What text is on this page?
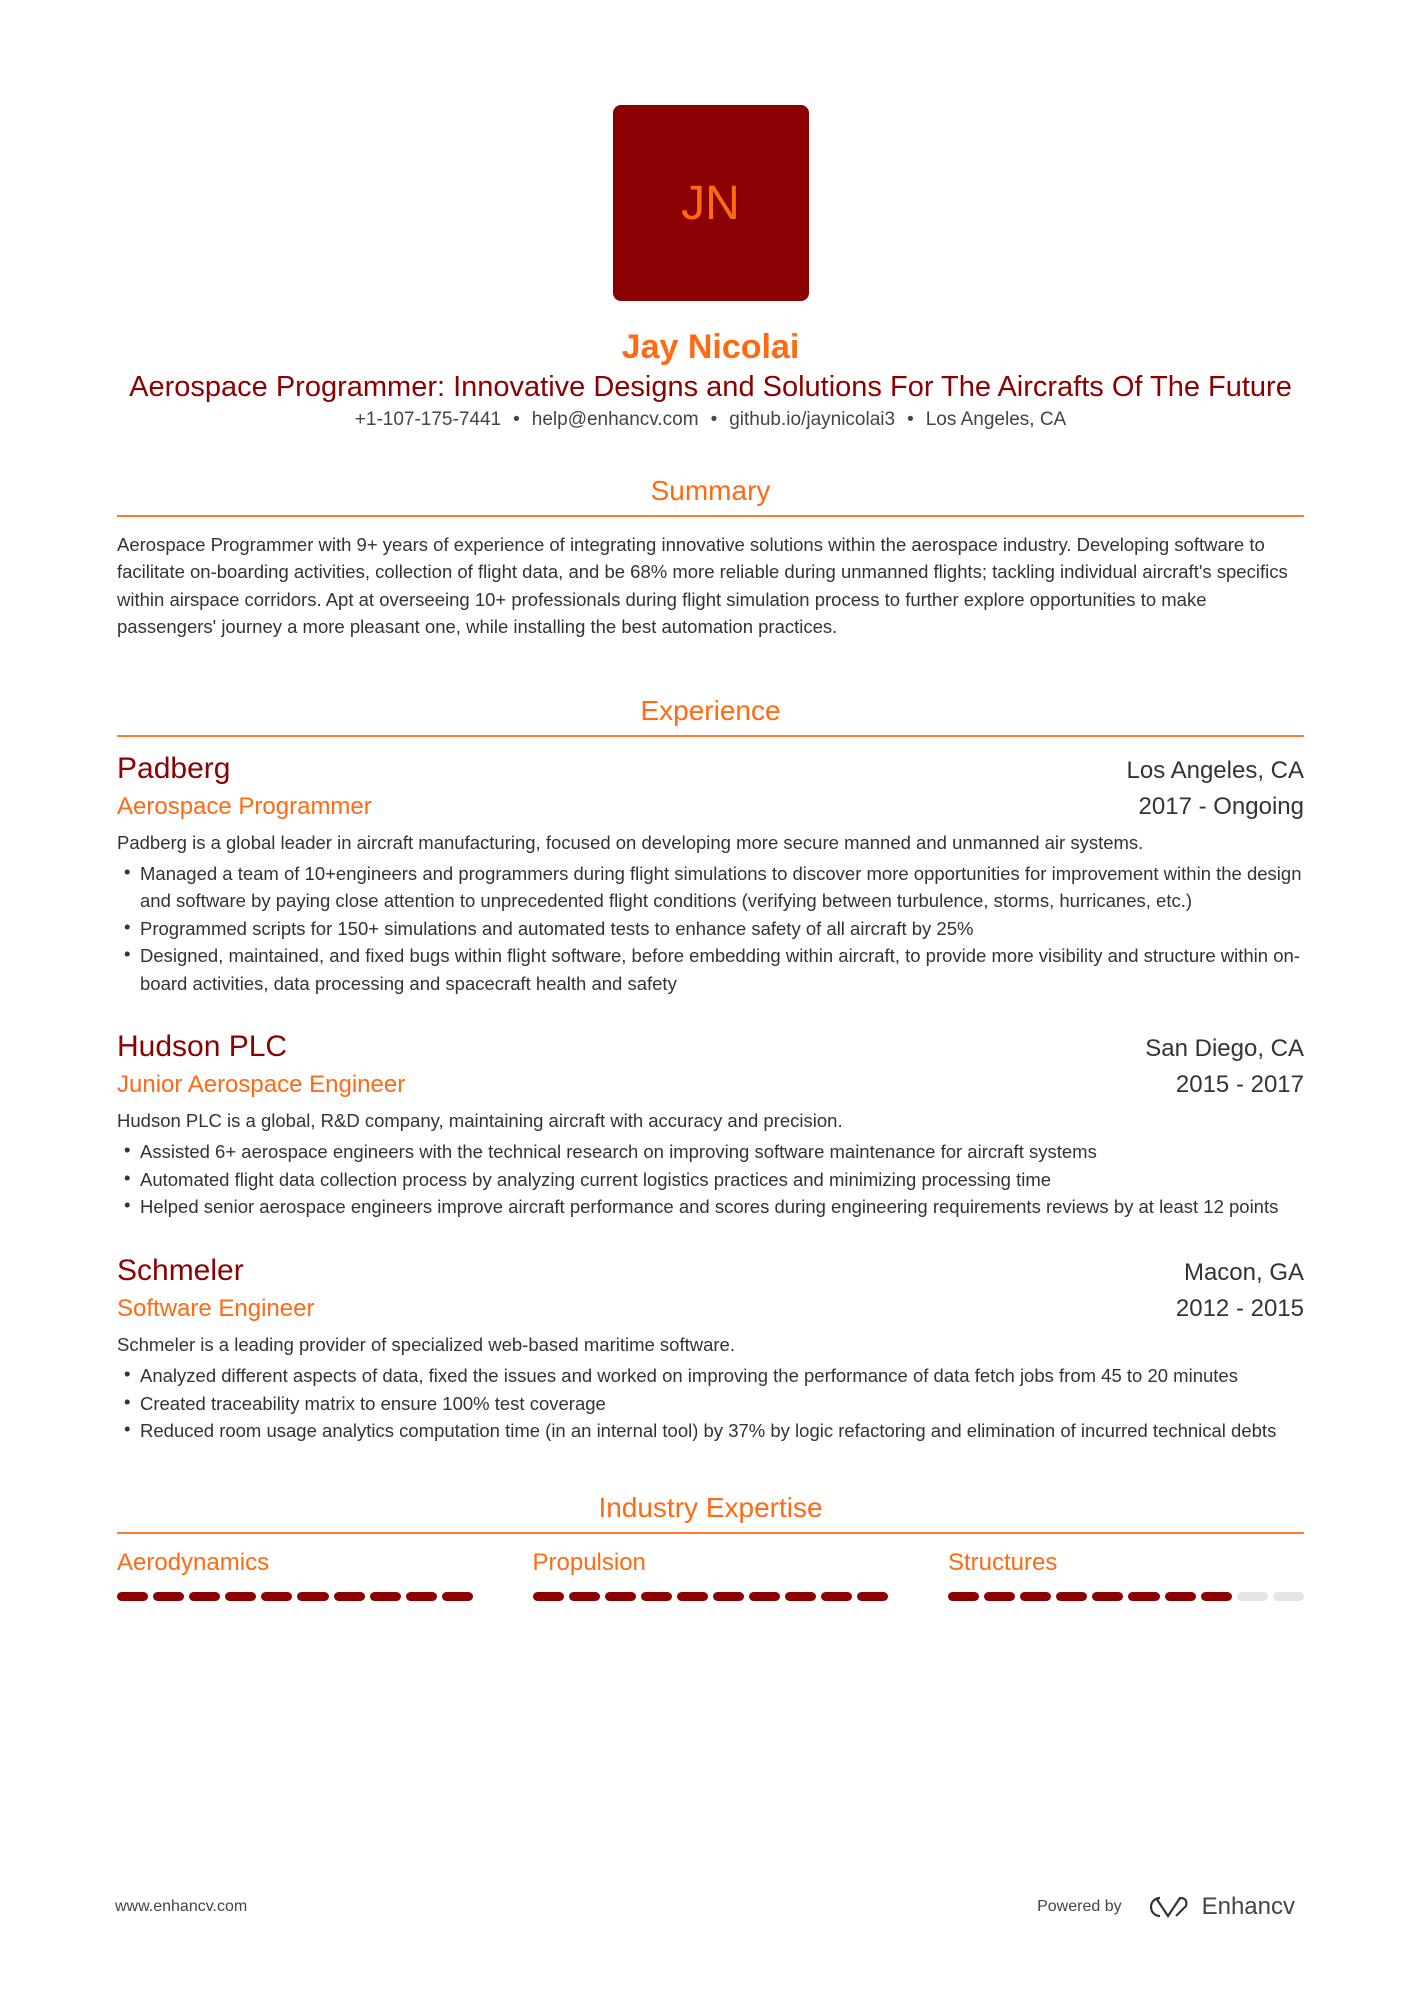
JN
Jay Nicolai
Aerospace Programmer: Innovative Designs and Solutions For The Aircrafts Of The Future
+1-107-175-7441 • help@enhancv.com • github.io/jaynicolai3 • Los Angeles, CA
Summary
Aerospace Programmer with 9+ years of experience of integrating innovative solutions within the aerospace industry. Developing software to facilitate on-boarding activities, collection of flight data, and be 68% more reliable during unmanned flights; tackling individual aircraft's specifics within airspace corridors. Apt at overseeing 10+ professionals during flight simulation process to further explore opportunities to make passengers' journey a more pleasant one, while installing the best automation practices.
Experience
Padberg	Los Angeles, CA
Aerospace Programmer	2017 - Ongoing
Padberg is a global leader in aircraft manufacturing, focused on developing more secure manned and unmanned air systems.
• Managed a team of 10+engineers and programmers during flight simulations to discover more opportunities for improvement within the design and software by paying close attention to unprecedented flight conditions (verifying between turbulence, storms, hurricanes, etc.)
• Programmed scripts for 150+ simulations and automated tests to enhance safety of all aircraft by 25%
• Designed, maintained, and fixed bugs within flight software, before embedding within aircraft, to provide more visibility and structure within on-board activities, data processing and spacecraft health and safety
Hudson PLC	San Diego, CA
Junior Aerospace Engineer	2015 - 2017
Hudson PLC is a global, R&D company, maintaining aircraft with accuracy and precision.
• Assisted 6+ aerospace engineers with the technical research on improving software maintenance for aircraft systems
• Automated flight data collection process by analyzing current logistics practices and minimizing processing time
• Helped senior aerospace engineers improve aircraft performance and scores during engineering requirements reviews by at least 12 points
Schmeler	Macon, GA
Software Engineer	2012 - 2015
Schmeler is a leading provider of specialized web-based maritime software.
• Analyzed different aspects of data, fixed the issues and worked on improving the performance of data fetch jobs from 45 to 20 minutes
• Created traceability matrix to ensure 100% test coverage
• Reduced room usage analytics computation time (in an internal tool) by 37% by logic refactoring and elimination of incurred technical debts
Industry Expertise
Aerodynamics	Propulsion	Structures
www.enhancv.com	Powered by	Enhancv
